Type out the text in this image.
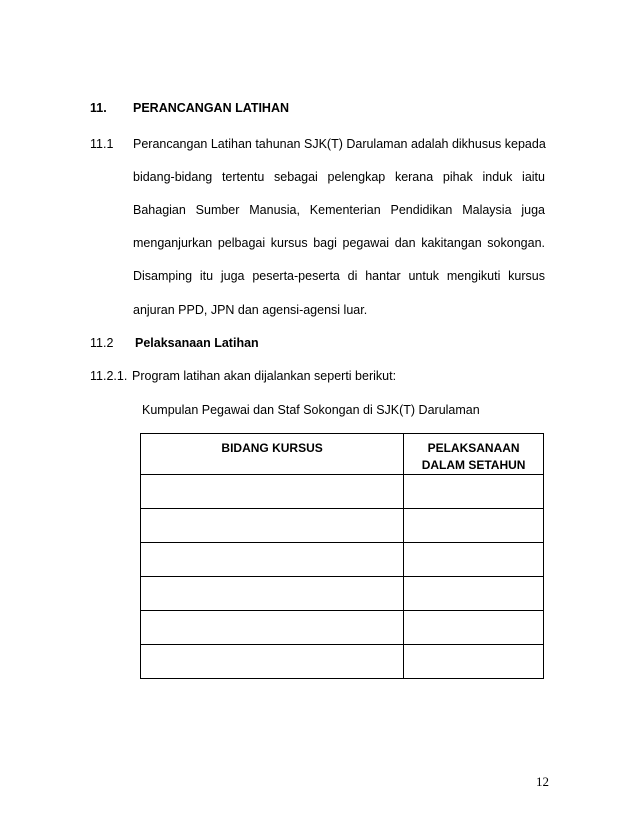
11. PERANCANGAN LATIHAN
11.1 Perancangan Latihan tahunan SJK(T) Darulaman adalah dikhusus kepada
bidang-bidang tertentu sebagai pelengkap kerana pihak induk iaitu
Bahagian Sumber Manusia, Kementerian Pendidikan Malaysia juga
menganjurkan pelbagai kursus bagi pegawai dan kakitangan sokongan.
Disamping itu juga peserta-peserta di hantar untuk mengikuti kursus
anjuran PPD, JPN dan agensi-agensi luar.
11.2 Pelaksanaan Latihan
11.2.1. Program latihan akan dijalankan seperti berikut:
Kumpulan Pegawai dan Staf Sokongan di SJK(T) Darulaman
BIDANG KURSUS	PELAKSANAAN
DALAM SETAHUN

12
